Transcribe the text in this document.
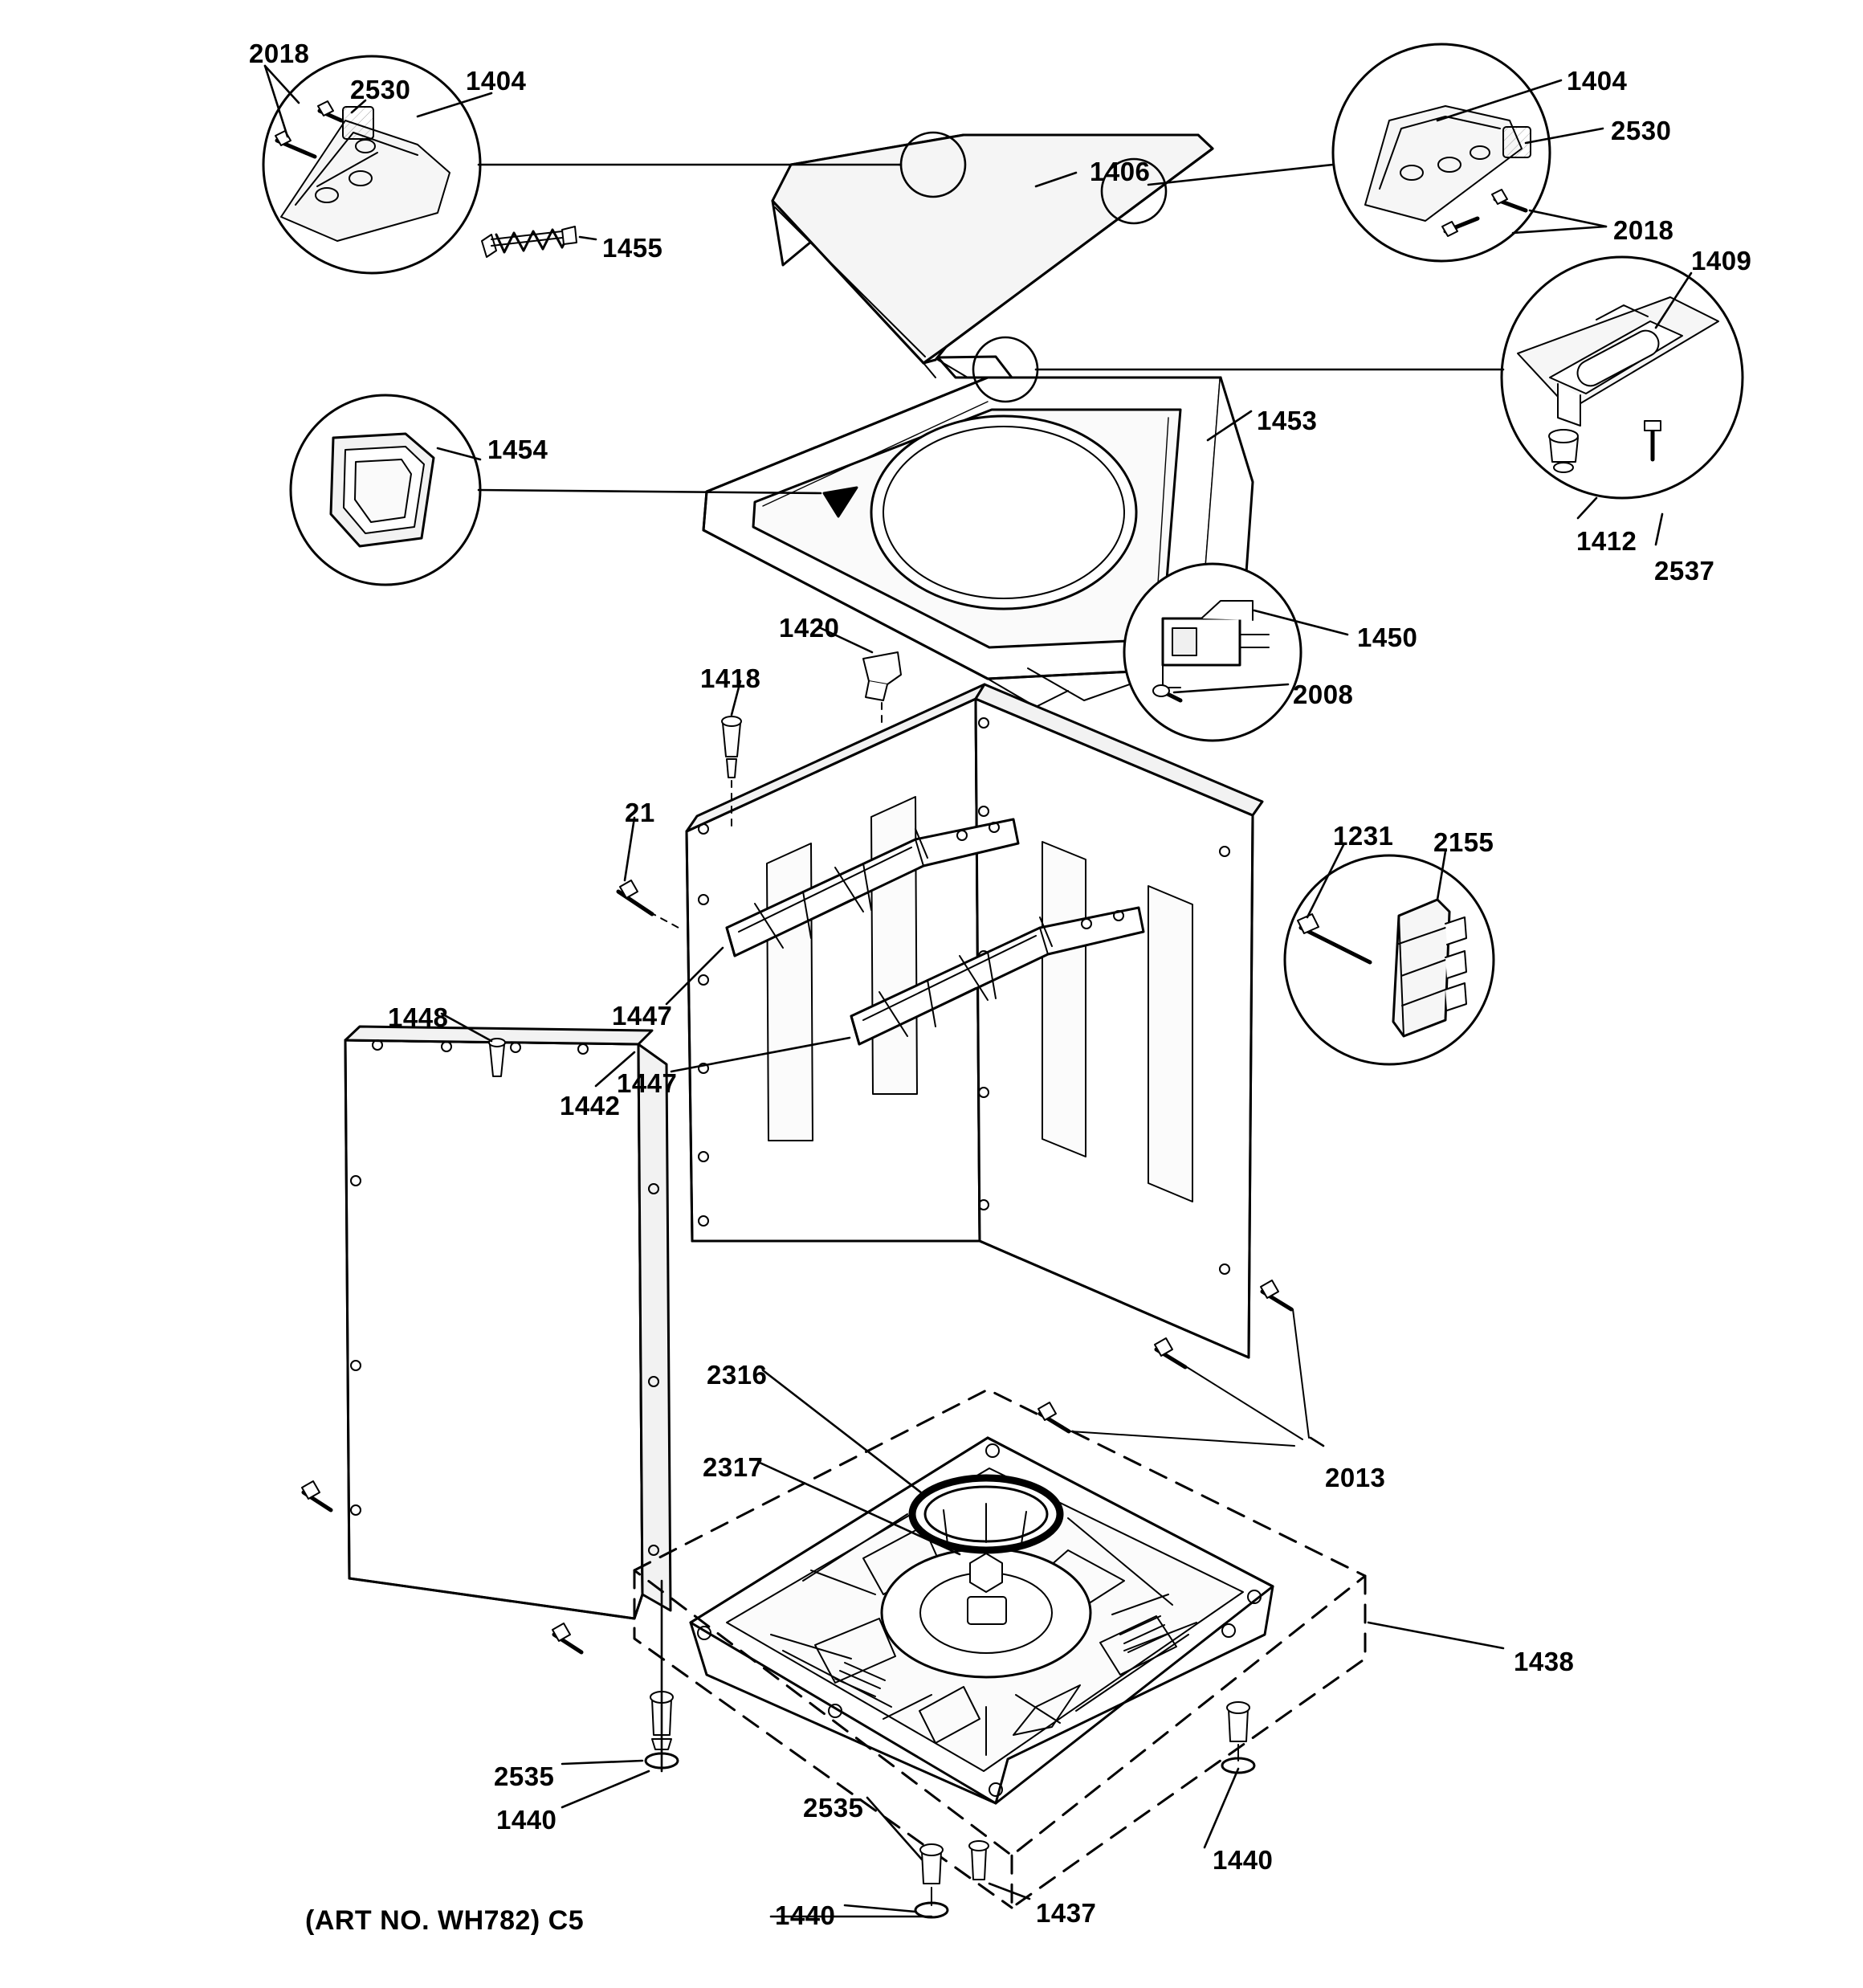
2018
2530 1404
1406
1404
2530
2018
1409
1455
1453
1454
1412
2537
1420	1450
1418
2008
21
1231 2155
1447
1448
1447
1442
2316
2013
2317
1438
2535
1440	2535
1440
1440	1437
(ART NO. WH782) C5
